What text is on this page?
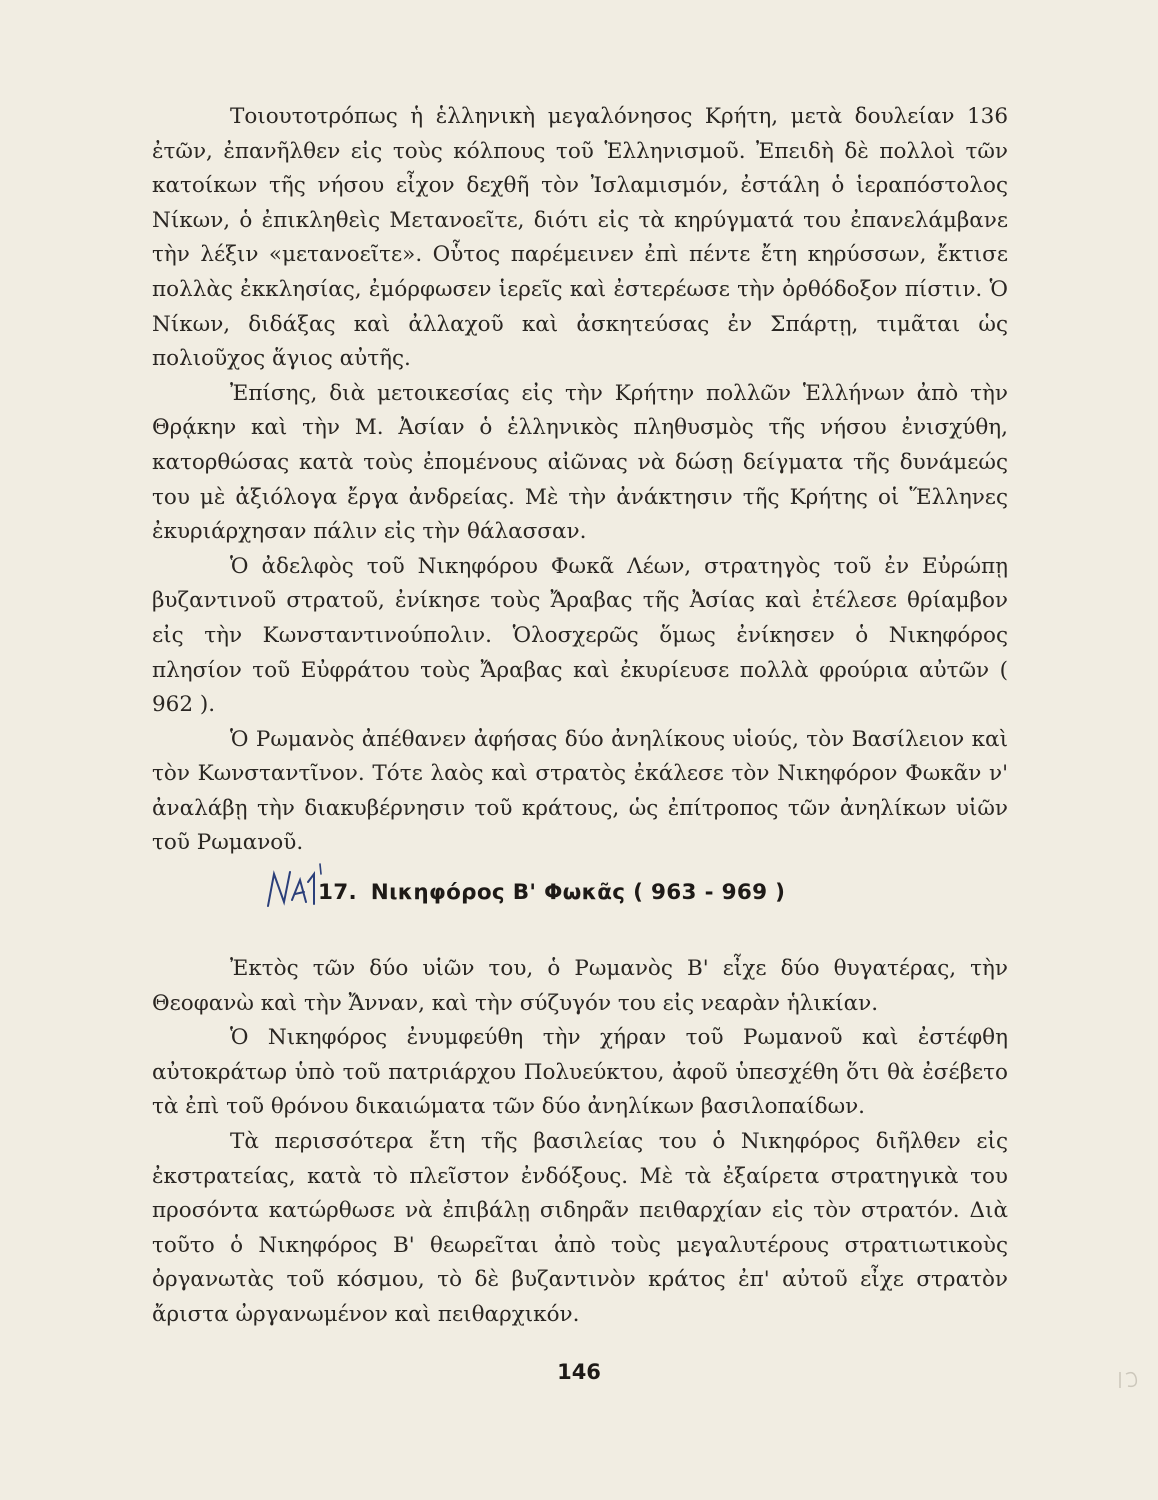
Τοιουτοτρόπως ἡ ἑλληνικὴ μεγαλόνησος Κρήτη, μετὰ δουλείαν 136 ἐτῶν, ἐπανῆλθεν εἰς τοὺς κόλπους τοῦ Ἑλληνισμοῦ. Ἐπειδὴ δὲ πολλοὶ τῶν κατοίκων τῆς νήσου εἶχον δεχθῆ τὸν Ἰσλαμισμόν, ἐστάλη ὁ ἱεραπόστολος Νίκων, ὁ ἐπικληθεὶς Μετανοεῖτε, διότι εἰς τὰ κηρύγματά του ἐπανελάμβανε τὴν λέξιν «μετανοεῖτε». Οὗτος παρέμεινεν ἐπὶ πέντε ἔτη κηρύσσων, ἔκτισε πολλὰς ἐκκλησίας, ἐμόρφωσεν ἱερεῖς καὶ ἐστερέωσε τὴν ὀρθόδοξον πίστιν. Ὁ Νίκων, διδάξας καὶ ἀλλαχοῦ καὶ ἀσκητεύσας ἐν Σπάρτῃ, τιμᾶται ὡς πολιοῦχος ἅγιος αὐτῆς.

Ἐπίσης, διὰ μετοικεσίας εἰς τὴν Κρήτην πολλῶν Ἑλλήνων ἀπὸ τὴν Θρᾴκην καὶ τὴν Μ. Ἀσίαν ὁ ἑλληνικὸς πληθυσμὸς τῆς νήσου ἐνισχύθη, κατορθώσας κατὰ τοὺς ἐπομένους αἰῶνας νὰ δώσῃ δείγματα τῆς δυνάμεώς του μὲ ἀξιόλογα ἔργα ἀνδρείας. Μὲ τὴν ἀνάκτησιν τῆς Κρήτης οἱ Ἕλληνες ἐκυριάρχησαν πάλιν εἰς τὴν θάλασσαν.

Ὁ ἀδελφὸς τοῦ Νικηφόρου Φωκᾶ Λέων, στρατηγὸς τοῦ ἐν Εὐρώπῃ βυζαντινοῦ στρατοῦ, ἐνίκησε τοὺς Ἄραβας τῆς Ἀσίας καὶ ἐτέλεσε θρίαμβον εἰς τὴν Κωνσταντινούπολιν. Ὁλοσχερῶς ὅμως ἐνίκησεν ὁ Νικηφόρος πλησίον τοῦ Εὐφράτου τοὺς Ἄραβας καὶ ἐκυρίευσε πολλὰ φρούρια αὐτῶν ( 962 ).

Ὁ Ρωμανὸς ἀπέθανεν ἀφήσας δύο ἀνηλίκους υἱούς, τὸν Βασίλειον καὶ τὸν Κωνσταντῖνον. Τότε λαὸς καὶ στρατὸς ἐκάλεσε τὸν Νικηφόρον Φωκᾶν ν' ἀναλάβῃ τὴν διακυβέρνησιν τοῦ κράτους, ὡς ἐπίτροπος τῶν ἀνηλίκων υἱῶν τοῦ Ρωμανοῦ.

17. Νικηφόρος Β' Φωκᾶς ( 963 - 969 )

Ἐκτὸς τῶν δύο υἱῶν του, ὁ Ρωμανὸς Β' εἶχε δύο θυγατέρας, τὴν Θεοφανὼ καὶ τὴν Ἄνναν, καὶ τὴν σύζυγόν του εἰς νεαρὰν ἡλικίαν.

Ὁ Νικηφόρος ἐνυμφεύθη τὴν χήραν τοῦ Ρωμανοῦ καὶ ἐστέφθη αὐτοκράτωρ ὑπὸ τοῦ πατριάρχου Πολυεύκτου, ἀφοῦ ὑπεσχέθη ὅτι θὰ ἐσέβετο τὰ ἐπὶ τοῦ θρόνου δικαιώματα τῶν δύο ἀνηλίκων βασιλοπαίδων.

Τὰ περισσότερα ἔτη τῆς βασιλείας του ὁ Νικηφόρος διῆλθεν εἰς ἐκστρατείας, κατὰ τὸ πλεῖστον ἐνδόξους. Μὲ τὰ ἐξαίρετα στρατηγικὰ του προσόντα κατώρθωσε νὰ ἐπιβάλῃ σιδηρᾶν πειθαρχίαν εἰς τὸν στρατόν. Διὰ τοῦτο ὁ Νικηφόρος Β' θεωρεῖται ἀπὸ τοὺς μεγαλυτέρους στρατιωτικοὺς ὀργανωτὰς τοῦ κόσμου, τὸ δὲ βυζαντινὸν κράτος ἐπ' αὐτοῦ εἶχε στρατὸν ἄριστα ὠργανωμένον καὶ πειθαρχικόν.

146
